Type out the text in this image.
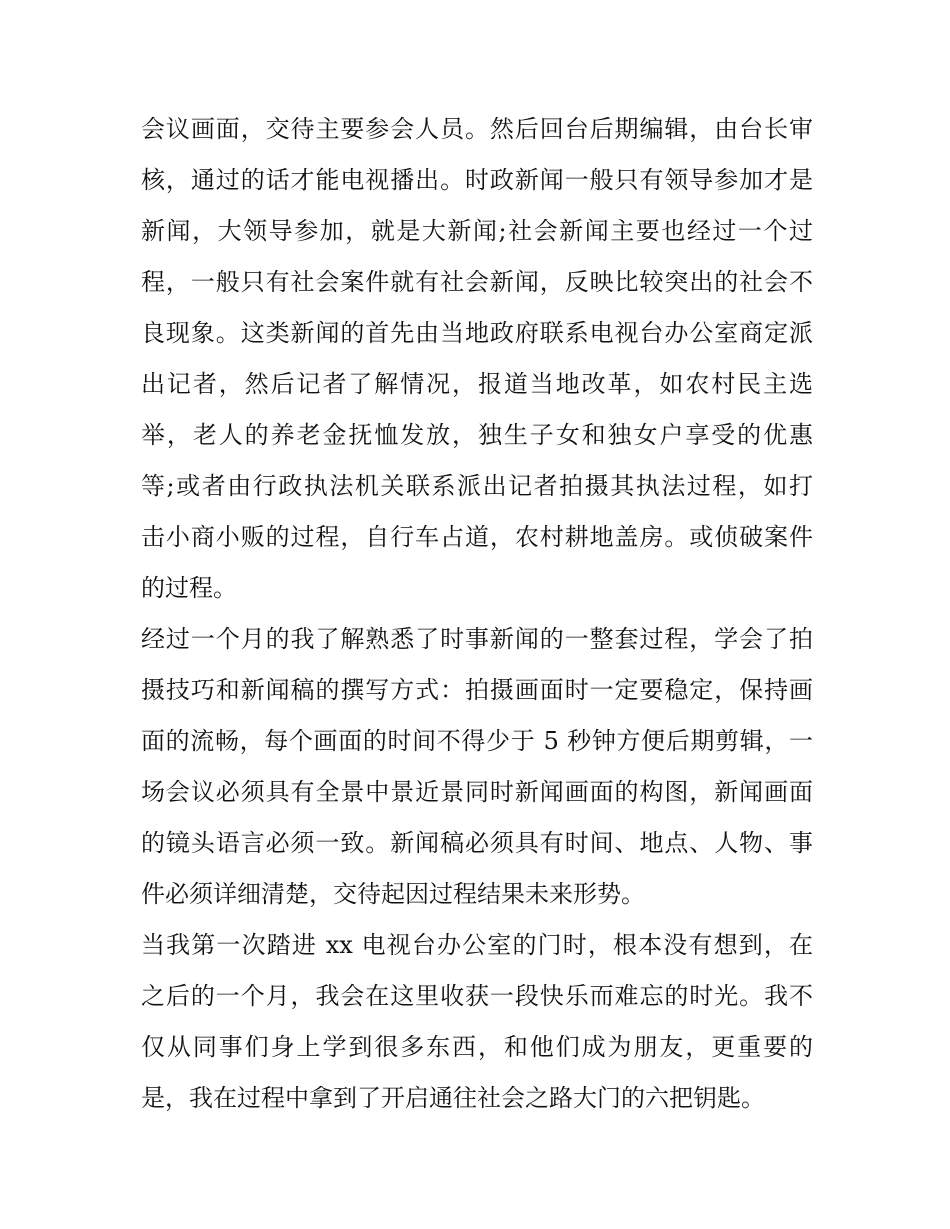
会议画面，交待主要参会人员。然后回台后期编辑，由台长审
核，通过的话才能电视播出。时政新闻一般只有领导参加才是
新闻，大领导参加，就是大新闻;社会新闻主要也经过一个过
程，一般只有社会案件就有社会新闻，反映比较突出的社会不
良现象。这类新闻的首先由当地政府联系电视台办公室商定派
出记者，然后记者了解情况，报道当地改革，如农村民主选
举，老人的养老金抚恤发放，独生子女和独女户享受的优惠
等;或者由行政执法机关联系派出记者拍摄其执法过程，如打
击小商小贩的过程，自行车占道，农村耕地盖房。或侦破案件
的过程。
经过一个月的我了解熟悉了时事新闻的一整套过程，学会了拍
摄技巧和新闻稿的撰写方式：拍摄画面时一定要稳定，保持画
面的流畅，每个画面的时间不得少于 5 秒钟方便后期剪辑，一
场会议必须具有全景中景近景同时新闻画面的构图，新闻画面
的镜头语言必须一致。新闻稿必须具有时间、地点、人物、事
件必须详细清楚，交待起因过程结果未来形势。
当我第一次踏进 xx 电视台办公室的门时，根本没有想到，在
之后的一个月，我会在这里收获一段快乐而难忘的时光。我不
仅从同事们身上学到很多东西，和他们成为朋友，更重要的
是，我在过程中拿到了开启通往社会之路大门的六把钥匙。
